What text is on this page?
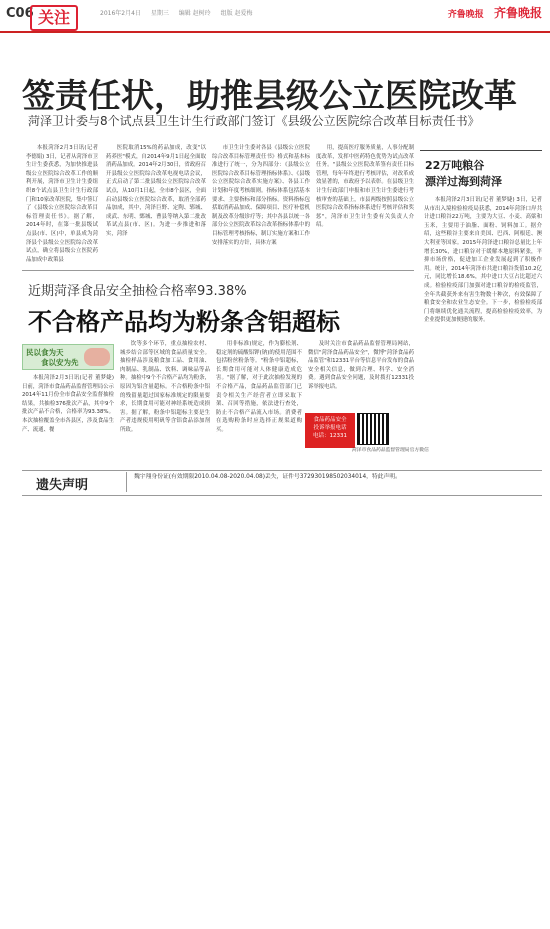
C06 关注	2016年2月4日 星期三 编辑 赵树玲 组版 赵爱梅	齐鲁晚报 齐鲁晚报
签责任状，助推县级公立医院改革
菏泽卫计委与8个试点县卫生计生行政部门签订《县级公立医院综合改革目标责任书》

本报菏泽2月3日讯(记者 李德娟) 3日，记者从菏泽市卫生计生委获悉，为加快推进县级公立医院综合改革工作的顺利开展，菏泽市卫生计生委组织8个试点县卫生计生行政部门和10家改革医院，集中签订了《县级公立医院综合改革目标管理责任书》。据了解，2014年时，在第一批县级试点县(市、区)中，单县成为菏泽县个县级公立医院综合改革试点，确立将县级公立医院药品加成中政策县

医院取消15%的药品加成，改变"以药养医"模式，自2014年9月1日起全面取消药品加成。2014年2月30日，省政府召开县级公立医院综合改革电视电话会议，正式启动了第二批县级公立医院综合改革试点，从10月1日起，全市8个县区，全面启动县级公立医院综合改革，取消全部药品加成，其中，菏泽巨野、定陶、郓城、成武、东明、鄄城、曹县等纳入第二批改革试点县(市、区)。为进一步推进和落实，菏泽

市卫生计生委对各县《县级公立医院综合改革目标管理责任书》格式和基本标准进行了统一，分为四部分：《县级公立医院综合改革目标管理指标体系》、《县级公立医院综合改革实施方案》、各县工作计划和年度考核细则。指标体系包括基本要求、主要指标和部分指标。资料指标包括取消药品加成、保障项目、医疗补偿机制及改革分级诊疗等；其中各县以统一各部分公立医院改革综合改革指标体系中的目标管理考核指标，制订实施方案和工作安排落实的方针，具体方案

用，提高医疗服务质量，人事分配制度改革，发挥中医药特色优势为试点改革任务。"县级公立医院改革签有责任目标管理，每年年终进行考核评估，对改革成效显著的，市政府予以表彰。在县级卫生计生行政部门申报和市卫生计生委进行考核审查的基础上，市县两级按照县级公立医院综合改革指标体系进行考核评估和奖惩"，菏泽市卫生计生委有关负责人介绍。

22万吨粮谷
漂洋过海到菏泽

本报菏泽2月3日讯(记者 董梦婕) 3日，记者从市出入境检验检疫局获悉，2014年菏泽口岸共计进口粮谷22万吨，主要为大豆、小麦、高粱和玉米，主要用于油脂、面粉、饲料加工。据介绍，这些粮谷主要来自美国、巴西、阿根廷、澳大利亚等国家。2015年菏泽进口粮谷总量比上年增长30%，进口粮谷对于缓解本地原料紧张，平抑市场价格，促进加工企业发展起到了积极作用。统计，2014年菏泽市共进口粮谷货值10.2亿元，同比增长18.6%，其中进口大豆占比超过六成。检验检疫部门加强对进口粮谷的检疫监管，全年共截获外来有害生物数十种次，有效保障了粮食安全和农业生态安全。下一步，检验检疫部门将继续优化通关流程，提高检验检疫效率，为企业提供更加便捷的服务。

近期菏泽食品安全抽检合格率93.38%
不合格产品均为粉条含铝超标
民以食为天
食以安为先

本报菏泽2月3日讯(记者 董梦婕) 日前，菏泽市食品药品监督管理局公示2014年11月份全市食品安全监督抽检结果，共抽检376批次产品，其中9个批次产品不合格，合格率为93.38%。本次抽检覆盖全市各县区，涉及食品生产、流通、餐

饮等多个环节，重点抽检农村、城乡结合部等区域的食品质量安全。抽检样品涉及粮食加工品、食用油、肉制品、乳制品、饮料、调味品等品种。抽检中9个不合格产品均为粉条，原因为铝含量超标。不合格粉条中铝的残留量超过国家标准规定的限量要求，长期食用可能对神经系统造成损害。据了解，粉条中铝超标主要是生产者违规使用明矾等含铝食品添加剂所致。

用非标准)规定，作为膨松剂、稳定剂的硫酸铝钾(钠)的使用范围不包括粉丝粉条等。"粉条中铝超标，长期食用可能对人体健康造成危害。"据了解，对于此次抽检发现的不合格产品，食品药品监管部门已责令相关生产经营者立即采取下架、召回等措施，依法进行查处，防止不合格产品流入市场。消费者在选购粉条时应选择正规渠道购买。

及时关注市食品药品监督管理局网站，微信"菏泽食品药品安全"，微博"菏泽食品药品监管"和12331平台等信息平台发布的食品安全相关信息，做到合理、科学、安全消费。遇到食品安全问题，及时拨打12331投诉举报电话。

食品药品安全
投诉举报电话
电话：12331
菏泽市食品药品监督管理局官方微信
遗失声明
魏宇翔身份证(有效期限2010.04.08-2020.04.08)丢失，证件号372930198502034014，特此声明。
